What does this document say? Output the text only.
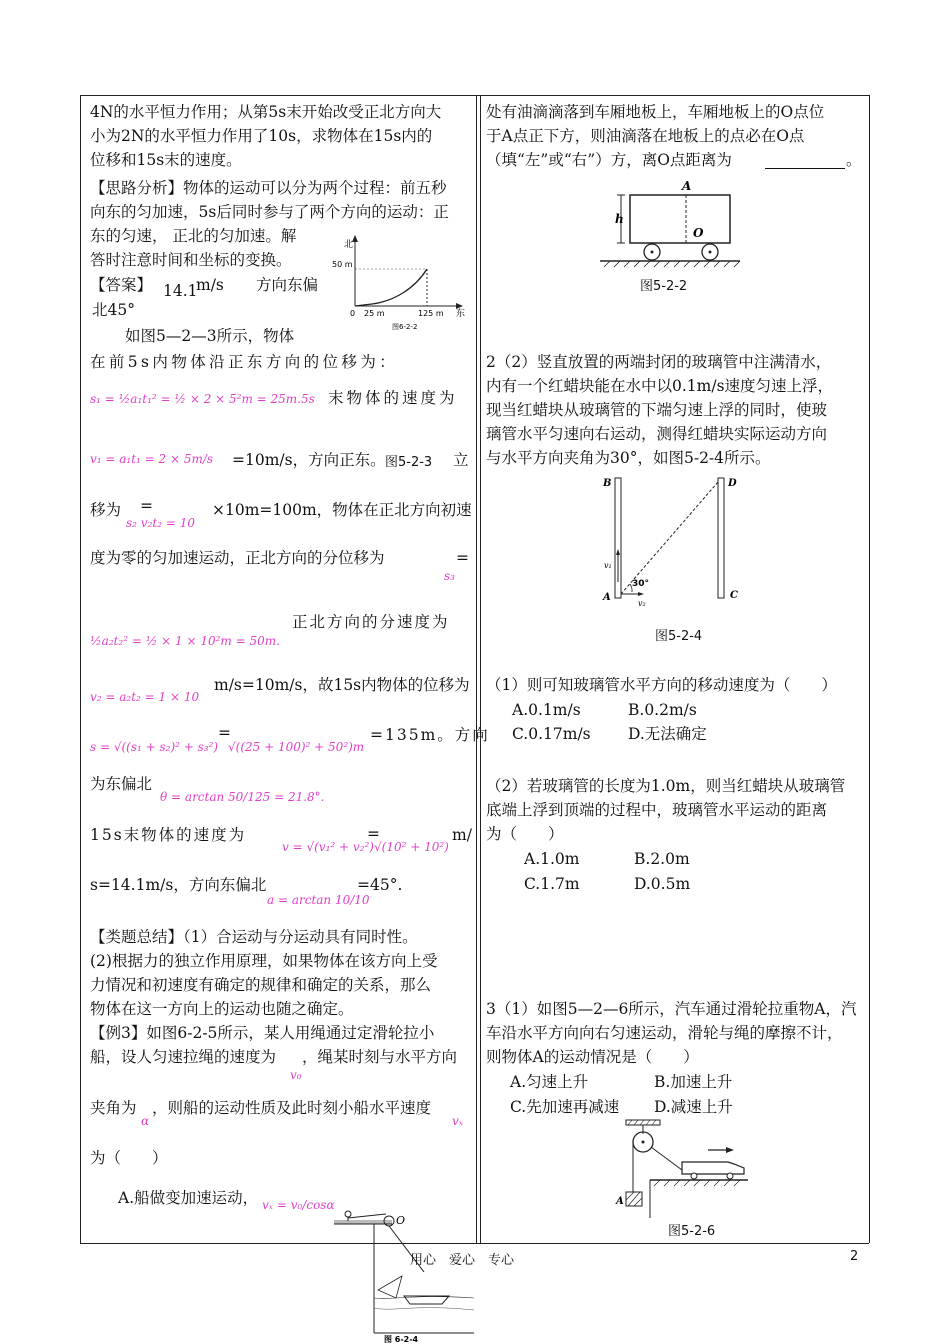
4N的水平恒力作用；从第5s末开始改受正北方向大
小为2N的水平恒力作用了10s，求物体在15s内的
位移和15s末的速度。
【思路分析】物体的运动可以分为两个过程：前五秒
向东的匀加速，5s后同时参与了两个方向的运动：正
东的匀速， 正北的匀加速。解
答时注意时间和坐标的变换。
【答案】 14.1
m/s 方向东偏
北45°
北
50 m
0 25 m	125 m 东
图6-2-2
如图5—2—3所示，物体
在前5s内物体沿正东方向的位移为：
s₁ = ½a₁t₁² = ½ × 2 × 5²m = 25m.5s 末物体的速度为
v₁ = a₁t₁ = 2 × 5m/s =10m/s，方向正东。 图5-2-3 立
移为 =
s₂ v₂t₂ = 10
×10m=100m，物体在正北方向初速
度为零的匀加速运动，正北方向的分位移为
s₃
=
½a₂t₂² = ½ × 1 × 10²m = 50m.
正北方向的分速度为
v₂ = a₂t₂ = 1 × 10
m/s=10m/s，故15s内物体的位移为
s = √((s₁ + s₂)² + s₃²)
=
√((25 + 100)² + 50²)m
=135m。方向
为东偏北
θ = arctan 50/125 = 21.8°.
15s末物体的速度为
v = √(v₁² + v₂²)
=
√(10² + 10²)
m/
s=14.1m/s，方向东偏北
a = arctan 10/10
=45°.
【类题总结】（1）合运动与分运动具有同时性。
(2)根据力的独立作用原理，如果物体在该方向上受
力情况和初速度有确定的规律和确定的关系，那么
物体在这一方向上的运动也随之确定。
【例3】如图6-2-5所示，某人用绳通过定滑轮拉小
船，设人匀速拉绳的速度为
v₀
，绳某时刻与水平方向
夹角为
α
，则船的运动性质及此时刻小船水平速度
vₓ
为（　　）
A.船做变加速运动， vₓ = v₀/cosα
O
图 6-2-4
处有油滴滴落到车厢地板上，车厢地板上的O点位
于A点正下方，则油滴落在地板上的点必在O点
（填“左”或“右”）方，离O点距离为	。
A
h
O
图5-2-2
2（2）竖直放置的两端封闭的玻璃管中注满清水，
内有一个红蜡块能在水中以0.1m/s速度匀速上浮，
现当红蜡块从玻璃管的下端匀速上浮的同时，使玻
璃管水平匀速向右运动，测得红蜡块实际运动方向
与水平方向夹角为30°，如图5-2-4所示。
B	D
A	C
v₁
v₂
30°
图5-2-4
（1）则可知玻璃管水平方向的移动速度为（　　）
A.0.1m/s	B.0.2m/s
C.0.17m/s D.无法确定
（2）若玻璃管的长度为1.0m，则当红蜡块从玻璃管
底端上浮到顶端的过程中，玻璃管水平运动的距离
为（　　）
A.1.0m	B.2.0m
C.1.7m	D.0.5m
3（1）如图5—2—6所示，汽车通过滑轮拉重物A，汽
车沿水平方向向右匀速运动，滑轮与绳的摩擦不计，
则物体A的运动情况是（　　）
A.匀速上升	B.加速上升
C.先加速再减速 D.减速上升
A
图5-2-6
用心　爱心　专心	2
